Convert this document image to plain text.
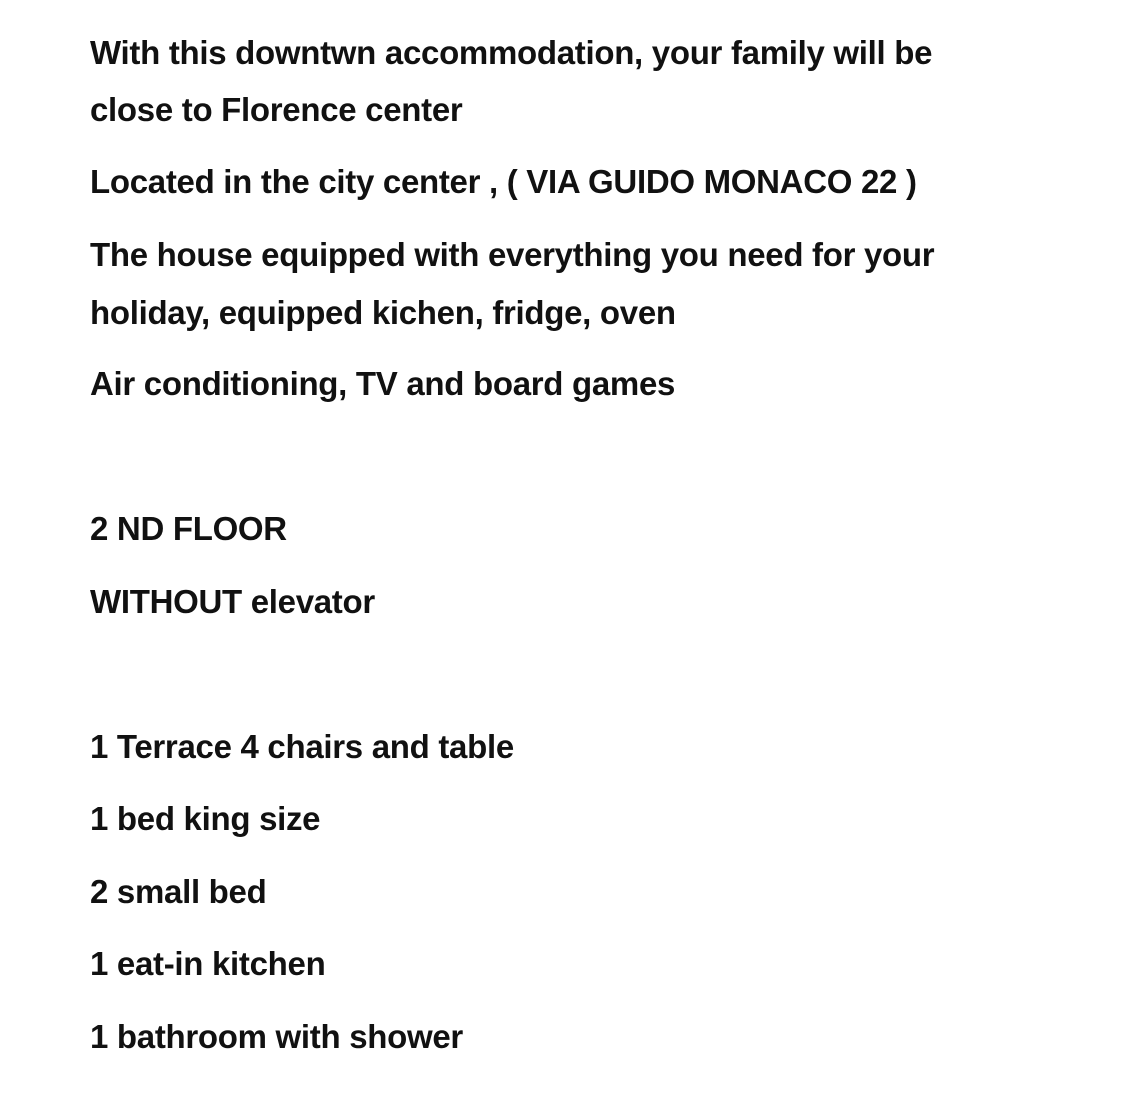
With this downtwn accommodation, your family will be
close to Florence center
Located in the city center , ( VIA GUIDO MONACO 22 )
The house equipped with everything you need for your
holiday, equipped kichen, fridge, oven
Air conditioning, TV and board games
2 ND FLOOR
WITHOUT elevator
1 Terrace 4 chairs and table
1 bed king size
2 small bed
1 eat-in kitchen
1 bathroom with shower
